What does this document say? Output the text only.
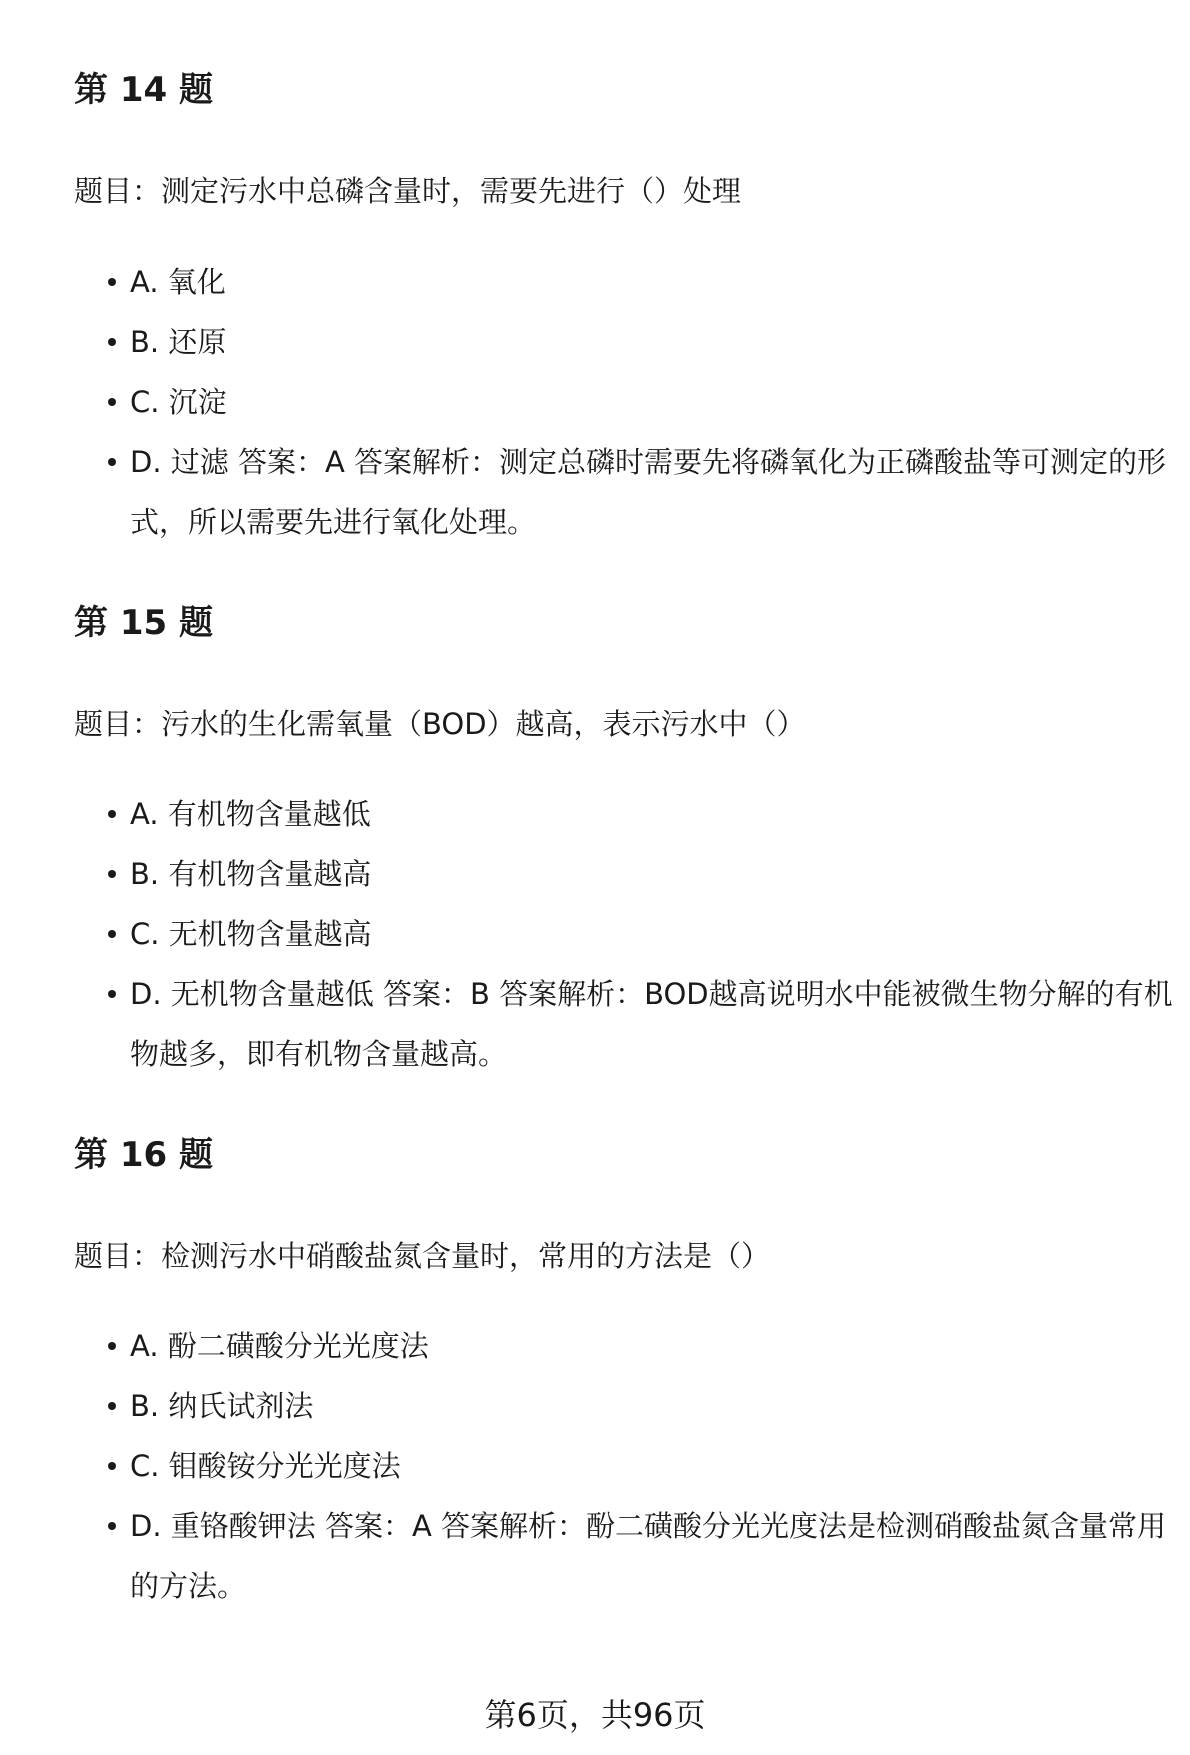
第 14 题

题目：测定污水中总磷含量时，需要先进行（）处理

A. 氧化
B. 还原
C. 沉淀
D. 过滤 答案：A 答案解析：测定总磷时需要先将磷氧化为正磷酸盐等可测定的形式，所以需要先进行氧化处理。
第 15 题

题目：污水的生化需氧量（BOD）越高，表示污水中（）

A. 有机物含量越低
B. 有机物含量越高
C. 无机物含量越高
D. 无机物含量越低 答案：B 答案解析：BOD越高说明水中能被微生物分解的有机物越多，即有机物含量越高。
第 16 题

题目：检测污水中硝酸盐氮含量时，常用的方法是（）

A. 酚二磺酸分光光度法
B. 纳氏试剂法
C. 钼酸铵分光光度法
D. 重铬酸钾法 答案：A 答案解析：酚二磺酸分光光度法是检测硝酸盐氮含量常用的方法。
第6页，共96页
